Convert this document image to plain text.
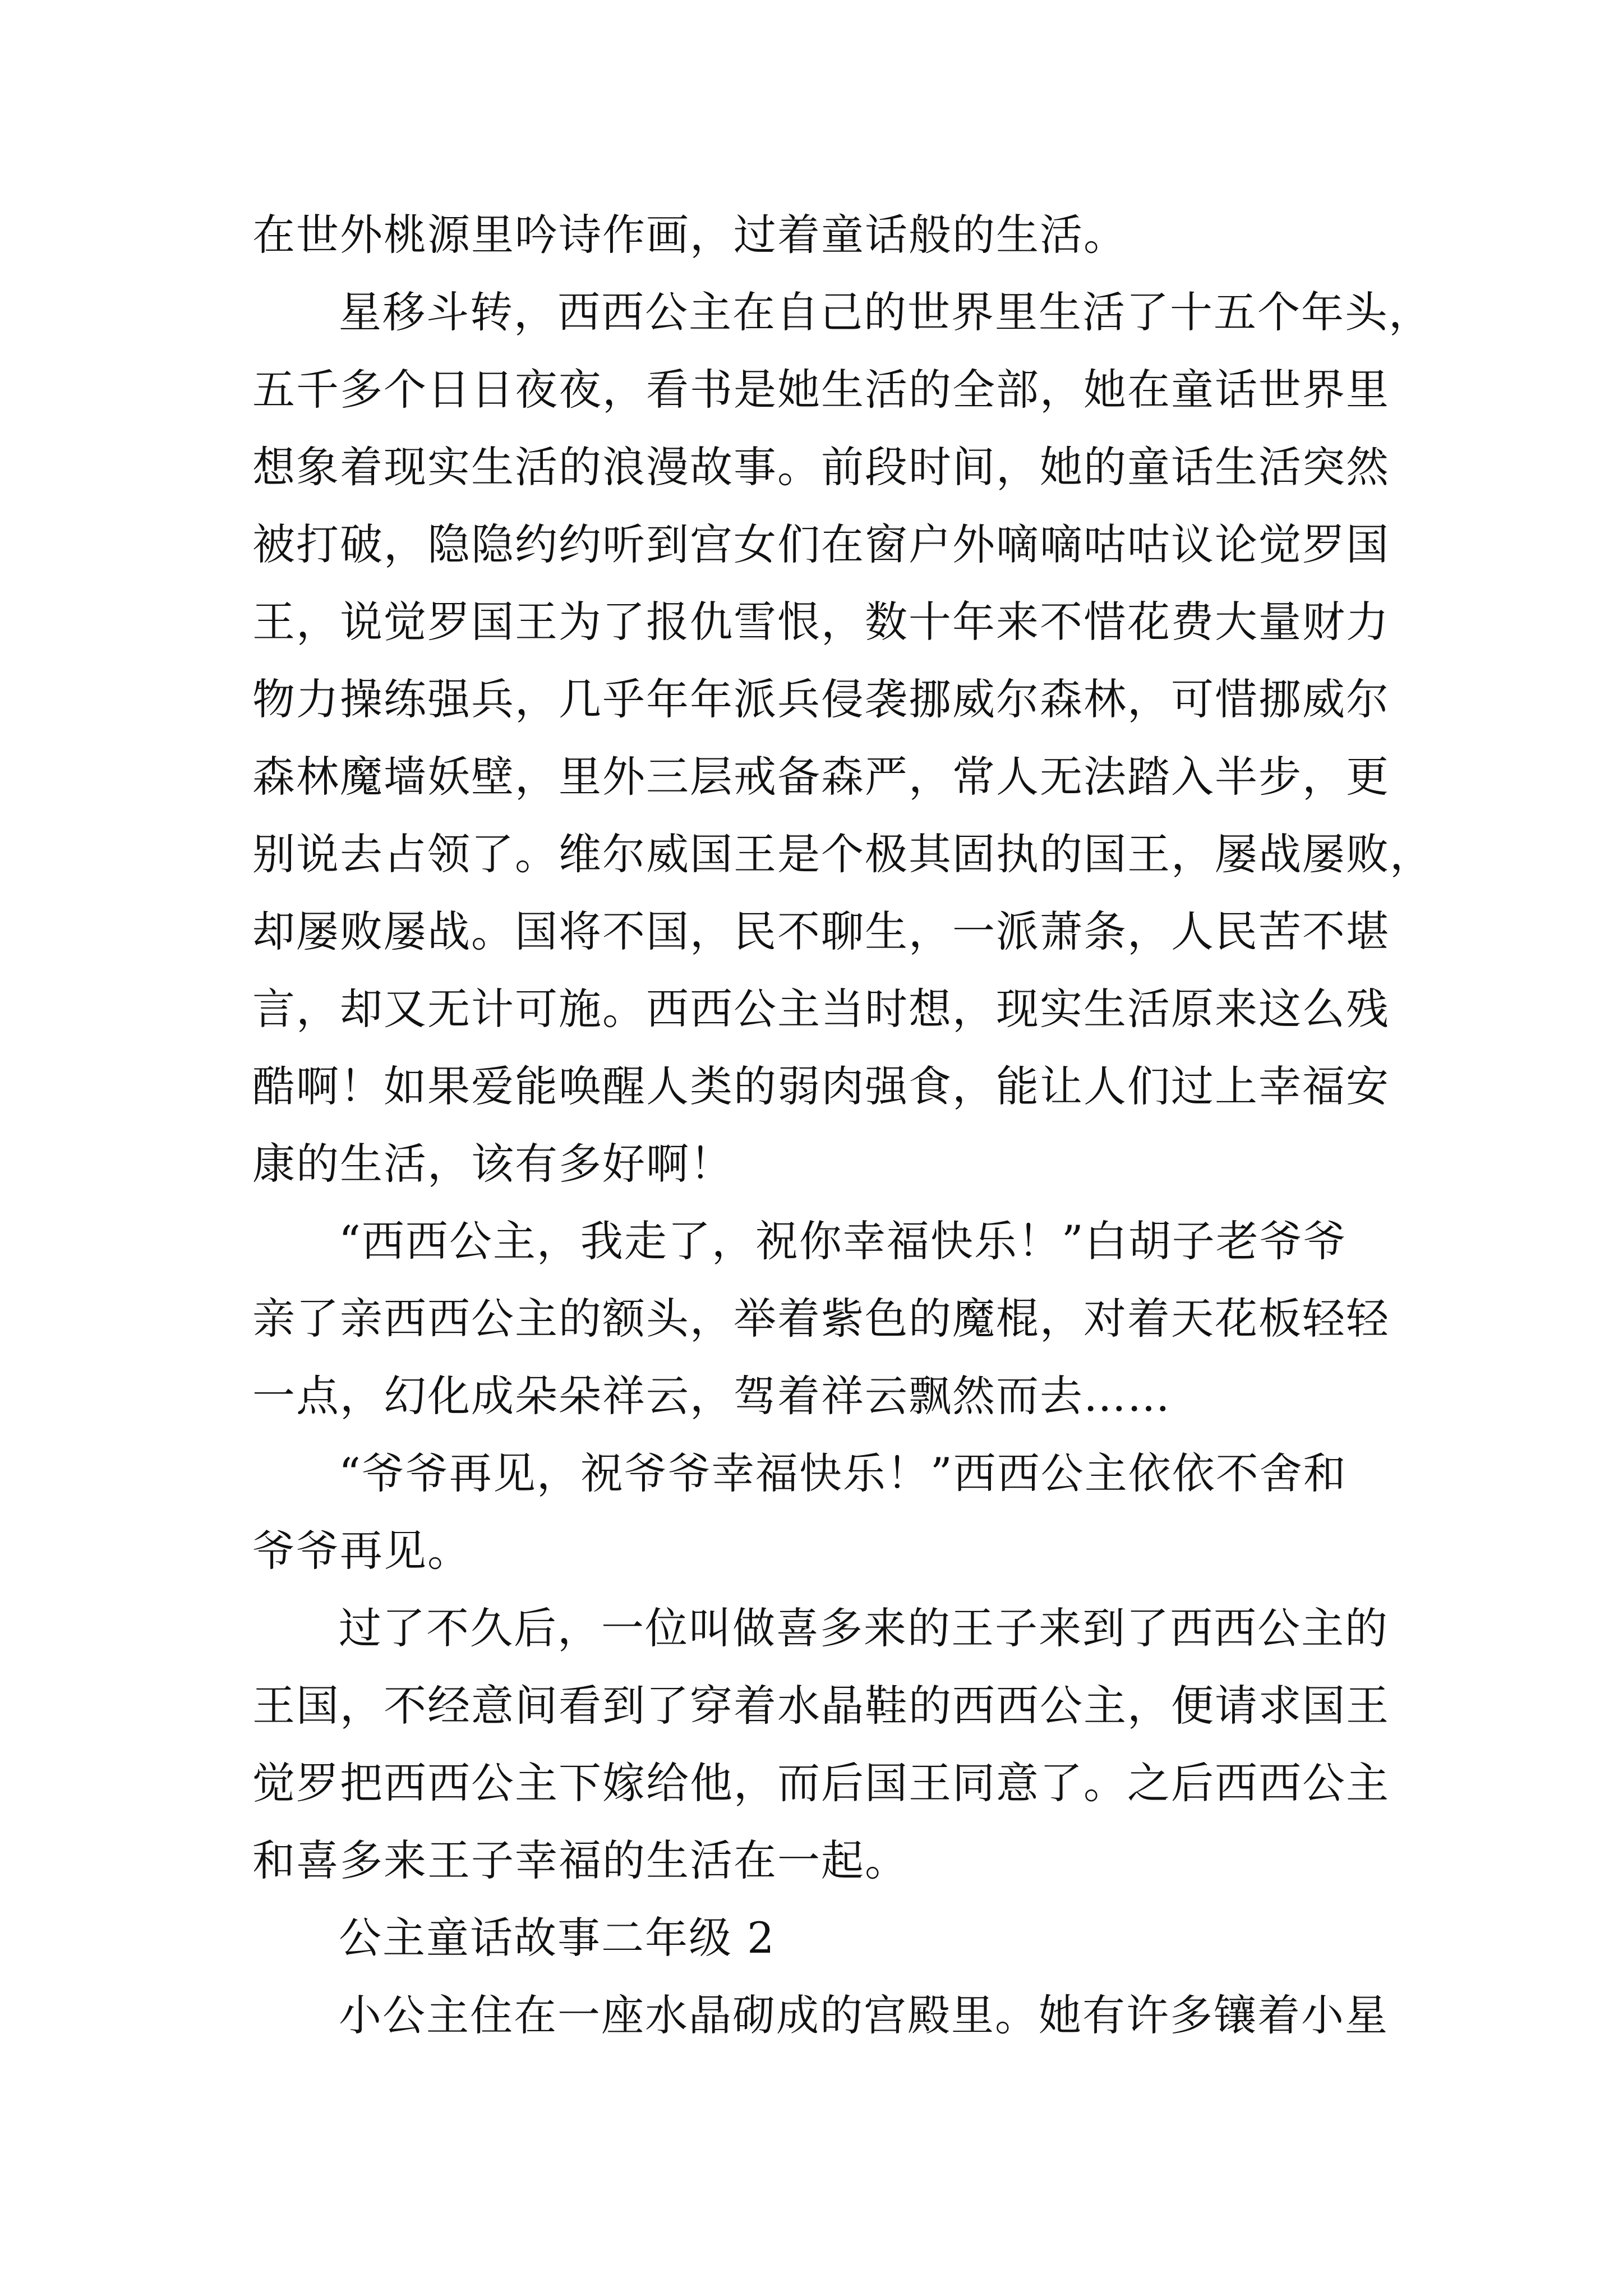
在世外桃源里吟诗作画，过着童话般的生活。
星移斗转，西西公主在自己的世界里生活了十五个年头，
五千多个日日夜夜，看书是她生活的全部，她在童话世界里
想象着现实生活的浪漫故事。前段时间，她的童话生活突然
被打破，隐隐约约听到宫女们在窗户外嘀嘀咕咕议论觉罗国
王，说觉罗国王为了报仇雪恨，数十年来不惜花费大量财力
物力操练强兵，几乎年年派兵侵袭挪威尔森林，可惜挪威尔
森林魔墙妖壁，里外三层戒备森严，常人无法踏入半步，更
别说去占领了。维尔威国王是个极其固执的国王，屡战屡败，
却屡败屡战。国将不国，民不聊生，一派萧条，人民苦不堪
言，却又无计可施。西西公主当时想，现实生活原来这么残
酷啊！如果爱能唤醒人类的弱肉强食，能让人们过上幸福安
康的生活，该有多好啊！
“西西公主，我走了，祝你幸福快乐！”白胡子老爷爷
亲了亲西西公主的额头，举着紫色的魔棍，对着天花板轻轻
一点，幻化成朵朵祥云，驾着祥云飘然而去……
“爷爷再见，祝爷爷幸福快乐！”西西公主依依不舍和
爷爷再见。
过了不久后，一位叫做喜多来的王子来到了西西公主的
王国，不经意间看到了穿着水晶鞋的西西公主，便请求国王
觉罗把西西公主下嫁给他，而后国王同意了。之后西西公主
和喜多来王子幸福的生活在一起。
公主童话故事二年级 2
小公主住在一座水晶砌成的宫殿里。她有许多镶着小星
